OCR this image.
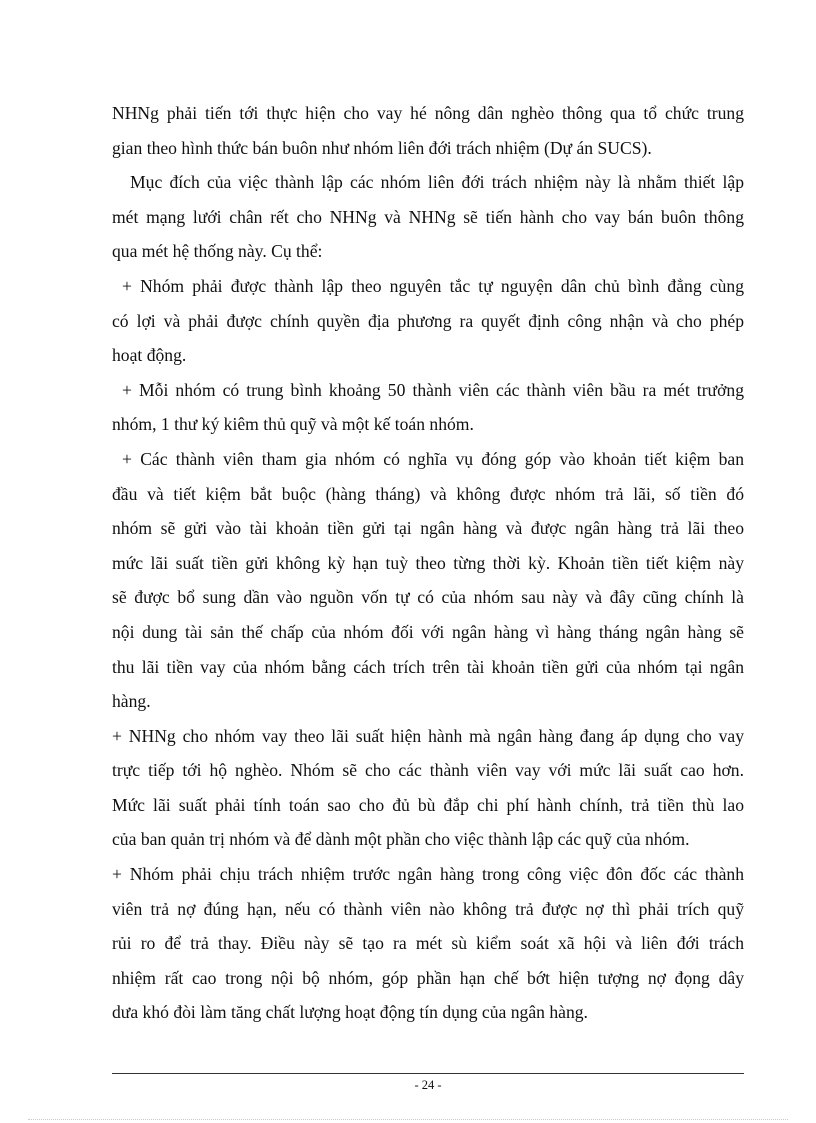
NHNg phải tiến tới thực hiện cho vay hé nông dân nghèo thông qua tổ chức trung
gian theo hình thức bán buôn như nhóm liên đới trách nhiệm (Dự án SUCS).
Mục đích của việc thành lập các nhóm liên đới trách nhiệm này là nhằm thiết lập
mét mạng lưới chân rết cho NHNg và NHNg sẽ tiến hành cho vay bán buôn thông
qua mét hệ thống này. Cụ thể:
+ Nhóm phải được thành lập theo nguyên tắc tự nguyện dân chủ bình đẳng cùng
có lợi và phải được chính quyền địa phương ra quyết định công nhận và cho phép
hoạt động.
+ Mỗi nhóm có trung bình khoảng 50 thành viên các thành viên bầu ra mét trưởng
nhóm, 1 thư ký kiêm thủ quỹ và một kế toán nhóm.
+ Các thành viên tham gia nhóm có nghĩa vụ đóng góp vào khoản tiết kiệm ban
đầu và tiết kiệm bắt buộc (hàng tháng) và không được nhóm trả lãi, số tiền đó
nhóm sẽ gửi vào tài khoản tiền gửi tại ngân hàng và được ngân hàng trả lãi theo
mức lãi suất tiền gửi không kỳ hạn tuỳ theo từng thời kỳ. Khoản tiền tiết kiệm này
sẽ được bổ sung dần vào nguồn vốn tự có của nhóm sau này và đây cũng chính là
nội dung tài sản thế chấp của nhóm đối với ngân hàng vì hàng tháng ngân hàng sẽ
thu lãi tiền vay của nhóm bằng cách trích trên tài khoản tiền gửi của nhóm tại ngân
hàng.
+ NHNg cho nhóm vay theo lãi suất hiện hành mà ngân hàng đang áp dụng cho vay
trực tiếp tới hộ nghèo. Nhóm sẽ cho các thành viên vay với mức lãi suất cao hơn.
Mức lãi suất phải tính toán sao cho đủ bù đắp chi phí hành chính, trả tiền thù lao
của ban quản trị nhóm và để dành một phần cho việc thành lập các quỹ của nhóm.
+ Nhóm phải chịu trách nhiệm trước ngân hàng trong công việc đôn đốc các thành
viên trả nợ đúng hạn, nếu có thành viên nào không trả được nợ thì phải trích quỹ
rủi ro để trả thay. Điều này sẽ tạo ra mét sù kiểm soát xã hội và liên đới trách
nhiệm rất cao trong nội bộ nhóm, góp phần hạn chế bớt hiện tượng nợ đọng dây
dưa khó đòi làm tăng chất lượng hoạt động tín dụng của ngân hàng.
- 24 -
